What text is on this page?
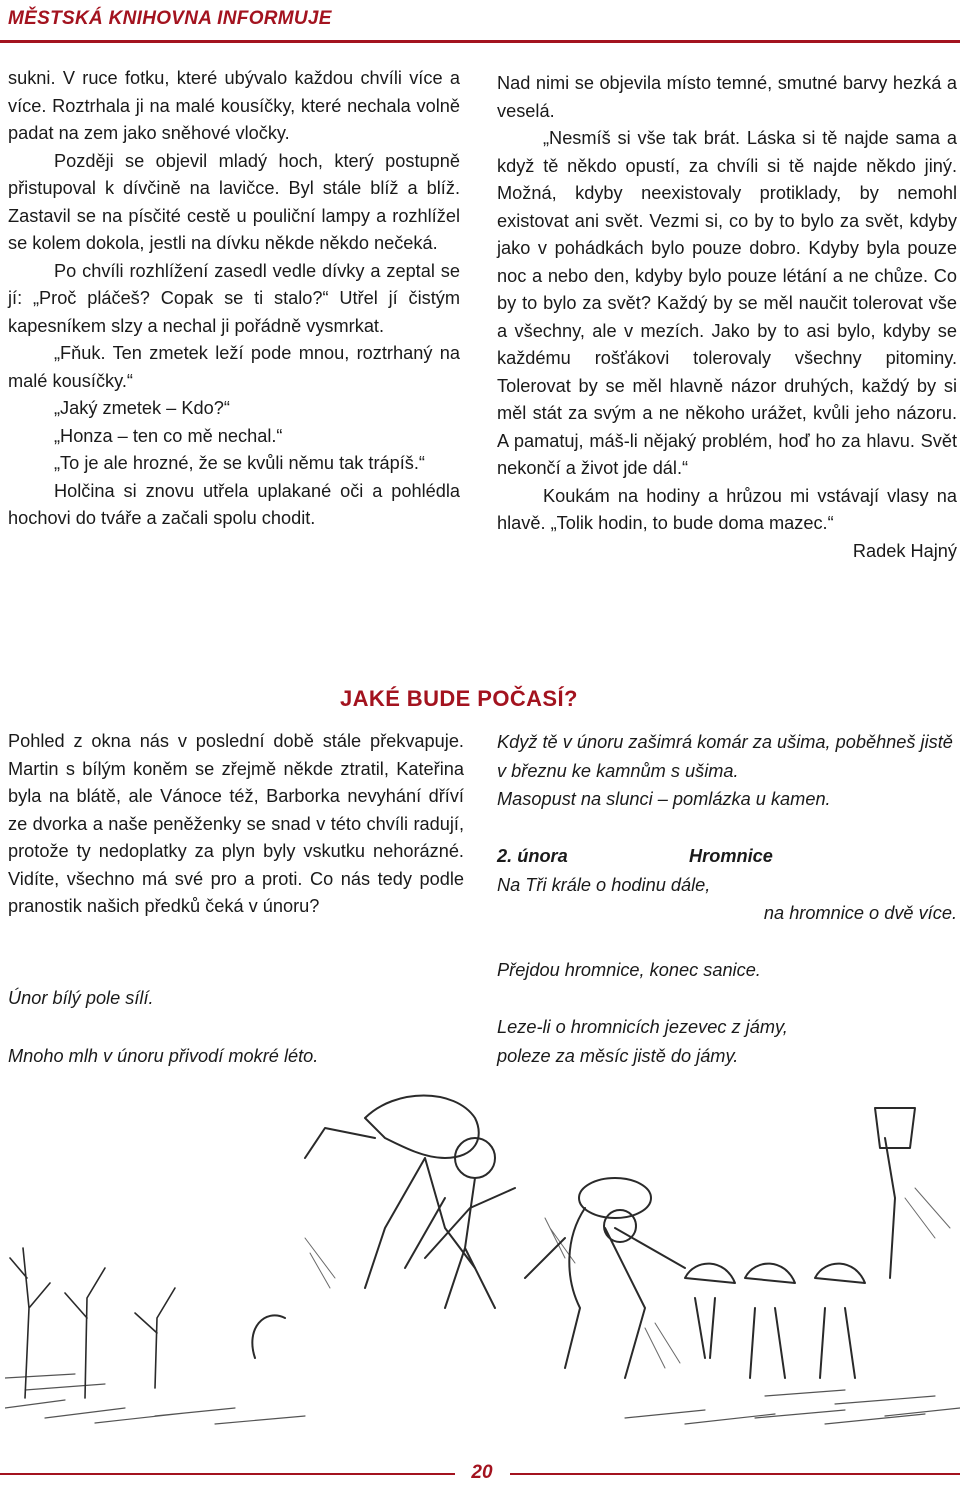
MĚSTSKÁ KNIHOVNA INFORMUJE

sukni. V ruce fotku, které ubývalo každou chvíli více a více. Roztrhala ji na malé kousíčky, které nechala volně padat na zem jako sněhové vločky.

Později se objevil mladý hoch, který postupně přistupoval k dívčině na lavičce. Byl stále blíž a blíž. Zastavil se na písčité cestě u pouliční lampy a rozhlížel se kolem dokola, jestli na dívku někde někdo nečeká.

Po chvíli rozhlížení zasedl vedle dívky a zeptal se jí: „Proč pláčeš? Copak se ti stalo?“ Utřel jí čistým kapesníkem slzy a nechal ji pořádně vysmrkat.

„Fňuk. Ten zmetek leží pode mnou, roztrhaný na malé kousíčky.“

„Jaký zmetek – Kdo?“

„Honza – ten co mě nechal.“

„To je ale hrozné, že se kvůli němu tak trápíš.“

Holčina si znovu utřela uplakané oči a pohlédla hochovi do tváře a začali spolu chodit.

Nad nimi se objevila místo temné, smutné barvy hezká a veselá.

„Nesmíš si vše tak brát. Láska si tě najde sama a když tě někdo opustí, za chvíli si tě najde někdo jiný. Možná, kdyby neexistovaly protiklady, by nemohl existovat ani svět. Vezmi si, co by to bylo za svět, kdyby jako v pohádkách bylo pouze dobro. Kdyby byla pouze noc a nebo den, kdyby bylo pouze létání a ne chůze. Co by to bylo za svět? Každý by se měl naučit tolerovat vše a všechny, ale v mezích. Jako by to asi bylo, kdyby se každému rošťákovi tolerovaly všechny pitominy. Tolerovat by se měl hlavně názor druhých, každý by si měl stát za svým a ne někoho urážet, kvůli jeho názoru. A pamatuj, máš-li nějaký problém, hoď ho za hlavu. Svět nekončí a život jde dál.“

Koukám na hodiny a hrůzou mi vstávají vlasy na hlavě. „Tolik hodin, to bude doma mazec.“

Radek Hajný

JAKÉ BUDE POČASÍ?

Pohled z okna nás v poslední době stále překvapuje. Martin s bílým koněm se zřejmě někde ztratil, Kateřina byla na blátě, ale Vánoce též, Barborka nevyhání dříví ze dvorka a naše peněženky se snad v této chvíli radují, protože ty nedoplatky za plyn byly vskutku nehorázné. Vidíte, všechno má své pro a proti. Co nás tedy podle pranostik našich předků čeká v únoru?

Únor bílý pole sílí.

Mnoho mlh v únoru přivodí mokré léto.

Když tě v únoru zašimrá komár za ušima, poběhneš jistě v březnu ke kamnům s ušima.

Masopust na slunci – pomlázka u kamen.

2. února	Hromnice

Na Tři krále o hodinu dále,

na hromnice o dvě více.

Přejdou hromnice, konec sanice.

Leze-li o hromnicích jezevec z jámy,

poleze za měsíc jistě do jámy.

20
